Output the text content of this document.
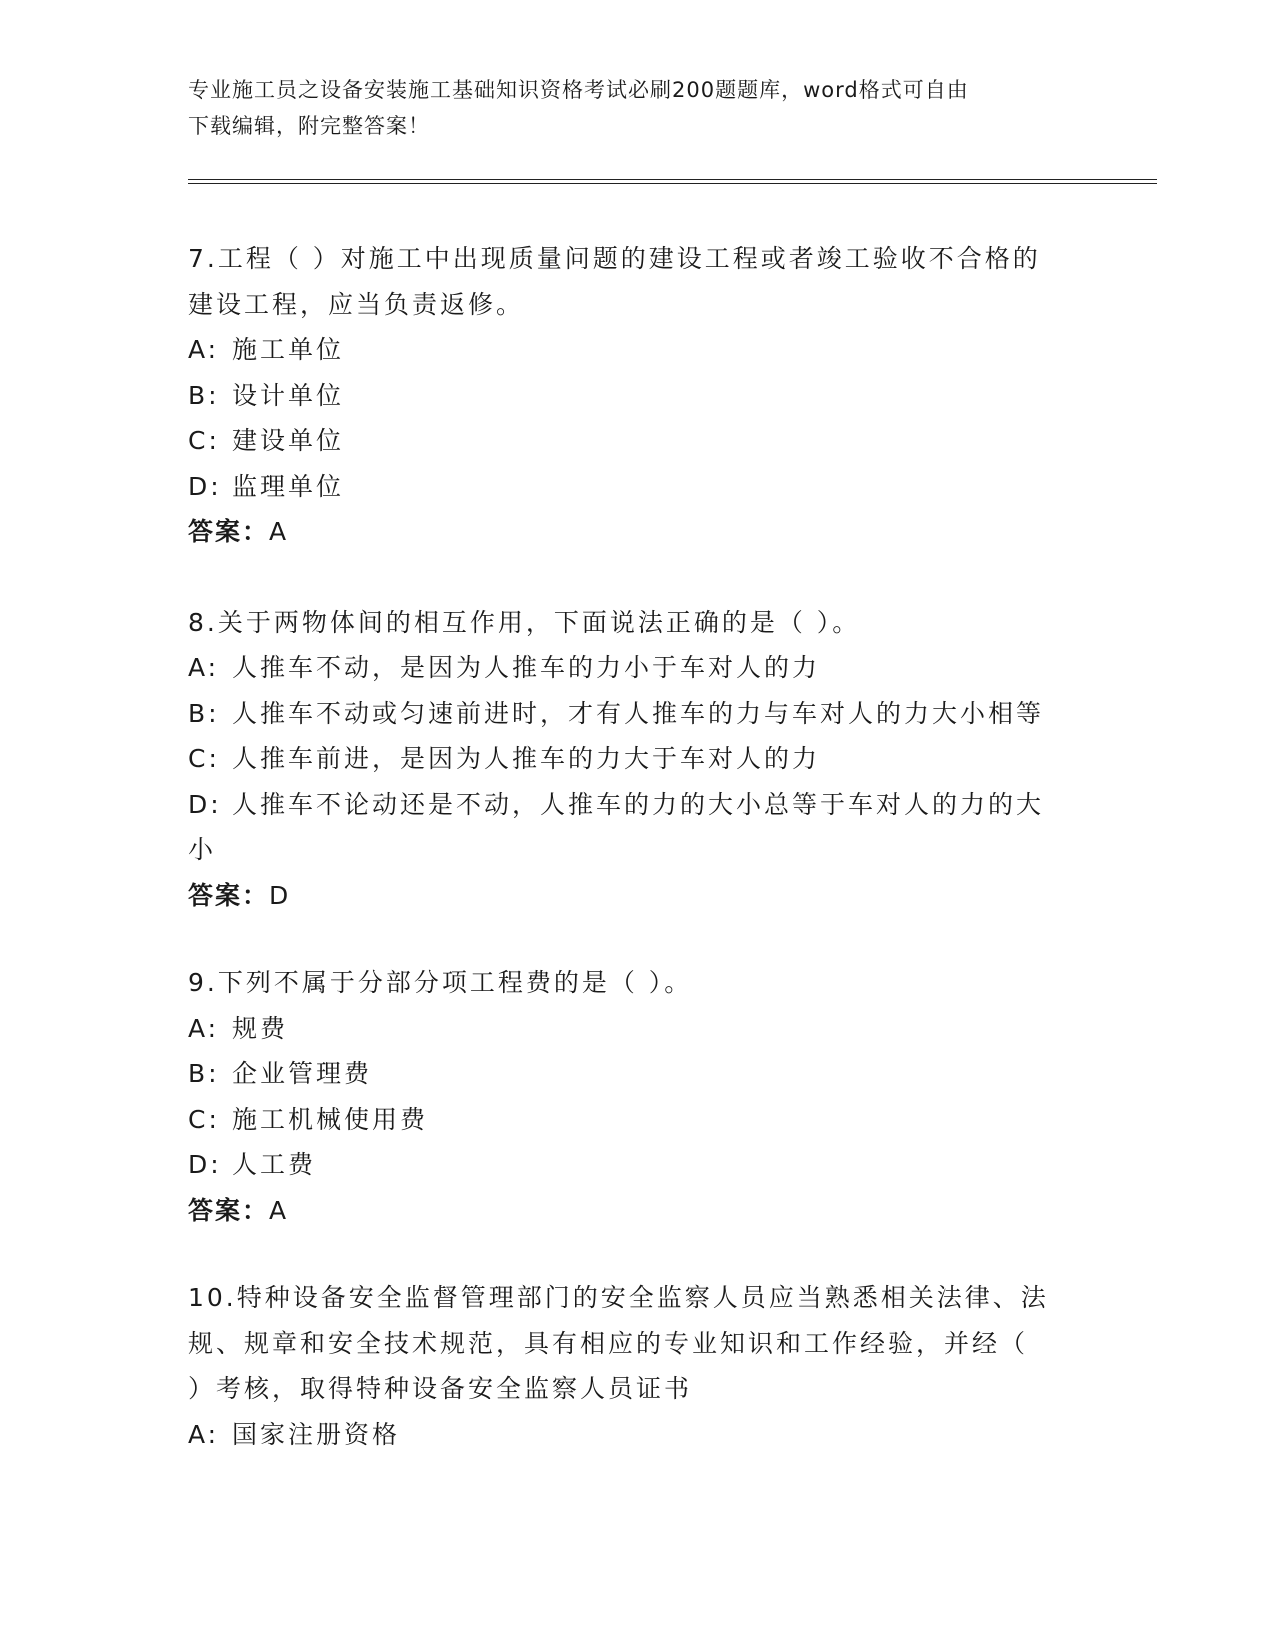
专业施工员之设备安装施工基础知识资格考试必刷200题题库，word格式可自由
下载编辑，附完整答案！
7.工程（ ）对施工中出现质量问题的建设工程或者竣工验收不合格的
建设工程，应当负责返修。
A: 施工单位
B: 设计单位
C: 建设单位
D: 监理单位
答案：A
8.关于两物体间的相互作用，下面说法正确的是（ ）。
A: 人推车不动，是因为人推车的力小于车对人的力
B: 人推车不动或匀速前进时，才有人推车的力与车对人的力大小相等
C: 人推车前进，是因为人推车的力大于车对人的力
D: 人推车不论动还是不动，人推车的力的大小总等于车对人的力的大
小
答案：D
9.下列不属于分部分项工程费的是（ ）。
A: 规费
B: 企业管理费
C: 施工机械使用费
D: 人工费
答案：A
10.特种设备安全监督管理部门的安全监察人员应当熟悉相关法律、法
规、规章和安全技术规范，具有相应的专业知识和工作经验，并经（
）考核，取得特种设备安全监察人员证书
A: 国家注册资格
